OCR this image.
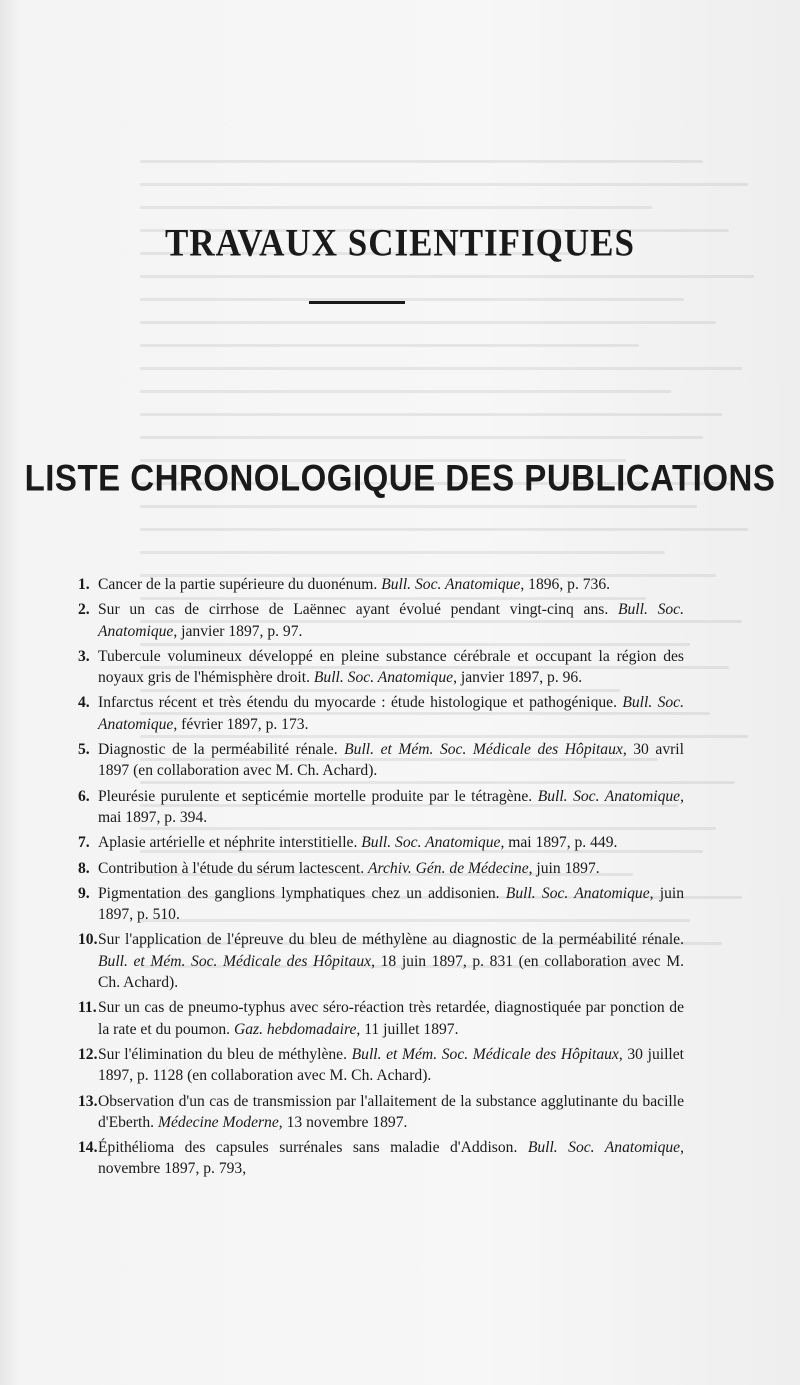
TRAVAUX SCIENTIFIQUES
LISTE CHRONOLOGIQUE DES PUBLICATIONS
1. Cancer de la partie supérieure du duonénum. Bull. Soc. Anatomique, 1896, p. 736.
2. Sur un cas de cirrhose de Laënnec ayant évolué pendant vingt-cinq ans. Bull. Soc. Anatomique, janvier 1897, p. 97.
3. Tubercule volumineux développé en pleine substance cérébrale et occupant la région des noyaux gris de l'hémisphère droit. Bull. Soc. Anatomique, janvier 1897, p. 96.
4. Infarctus récent et très étendu du myocarde : étude histologique et pathogénique. Bull. Soc. Anatomique, février 1897, p. 173.
5. Diagnostic de la perméabilité rénale. Bull. et Mém. Soc. Médicale des Hôpitaux, 30 avril 1897 (en collaboration avec M. Ch. Achard).
6. Pleurésie purulente et septicémie mortelle produite par le tétragène. Bull. Soc. Anatomique, mai 1897, p. 394.
7. Aplasie artérielle et néphrite interstitielle. Bull. Soc. Anatomique, mai 1897, p. 449.
8. Contribution à l'étude du sérum lactescent. Archiv. Gén. de Médecine, juin 1897.
9. Pigmentation des ganglions lymphatiques chez un addisonien. Bull. Soc. Anatomique, juin 1897, p. 510.
10.Sur l'application de l'épreuve du bleu de méthylène au diagnostic de la perméabilité rénale. Bull. et Mém. Soc. Médicale des Hôpitaux, 18 juin 1897, p. 831 (en collaboration avec M. Ch. Achard).
11.Sur un cas de pneumo-typhus avec séro-réaction très retardée, diagnostiquée par ponction de la rate et du poumon. Gaz. hebdomadaire, 11 juillet 1897.
12.Sur l'élimination du bleu de méthylène. Bull. et Mém. Soc. Médicale des Hôpitaux, 30 juillet 1897, p. 1128 (en collaboration avec M. Ch. Achard).
13.Observation d'un cas de transmission par l'allaitement de la substance agglutinante du bacille d'Eberth. Médecine Moderne, 13 novembre 1897.
14.Épithélioma des capsules surrénales sans maladie d'Addison. Bull. Soc. Anatomique, novembre 1897, p. 793,
